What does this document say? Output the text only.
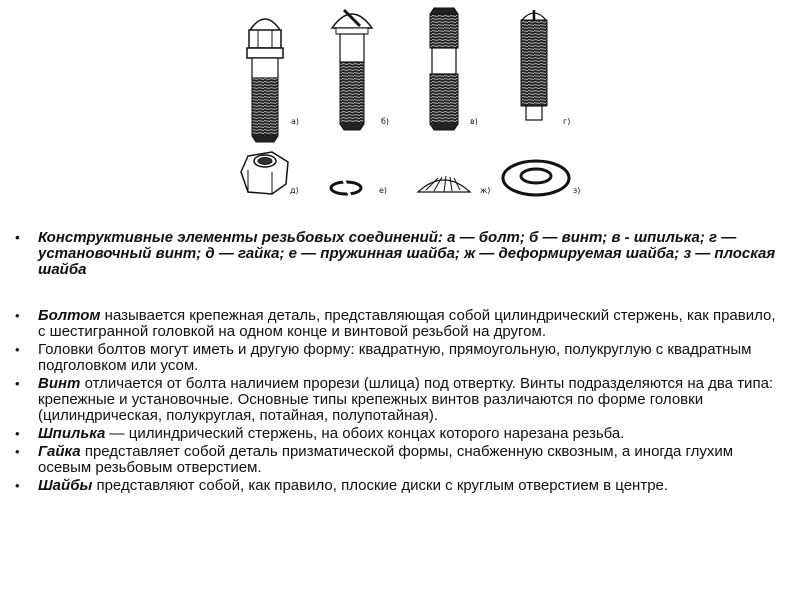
а)	б)	в)	г)
д)	е)	ж)	з)

• Конструктивные элементы резьбовых соединений: а — болт; б — винт; в - шпилька; г — установочный винт; д — гайка; е — пружинная шайба; ж — деформируемая шайба; з — плоская шайба

• Болтом называется крепежная деталь, представляющая собой цилиндрический стержень, как правило, с шестигранной головкой на одном конце и винтовой резьбой на другом.

• Головки болтов могут иметь и другую форму: квадратную, прямоугольную, полукруглую с квадратным подголовком или усом.

• Винт отличается от болта наличием прорези (шлица) под отвертку. Винты подразделяются на два типа: крепежные и установочные. Основные типы крепежных винтов различаются по форме головки (цилиндрическая, полукруглая, потайная, полупотайная).

• Шпилька — цилиндрический стержень, на обоих концах которого нарезана резьба.

• Гайка представляет собой деталь призматической формы, снабженную сквозным, а иногда глухим осевым резьбовым отверстием.

• Шайбы представляют собой, как правило, плоские диски с круглым отверстием в центре.
